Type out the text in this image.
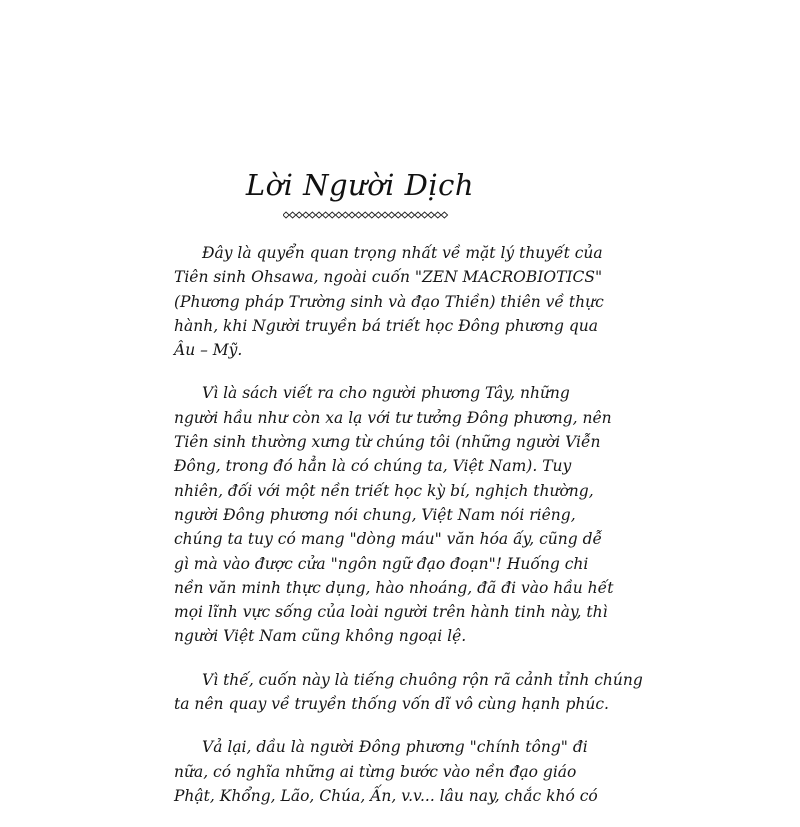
Lời Người Dịch

Đây là quyển quan trọng nhất về mặt lý thuyết của
Tiên sinh Ohsawa, ngoài cuốn "ZEN MACROBIOTICS"
(Phương pháp Trường sinh và đạo Thiền) thiên về thực
hành, khi Người truyền bá triết học Đông phương qua
Âu – Mỹ.

Vì là sách viết ra cho người phương Tây, những
người hầu như còn xa lạ với tư tưởng Đông phương, nên
Tiên sinh thường xưng từ chúng tôi (những người Viễn
Đông, trong đó hẳn là có chúng ta, Việt Nam). Tuy
nhiên, đối với một nền triết học kỳ bí, nghịch thường,
người Đông phương nói chung, Việt Nam nói riêng,
chúng ta tuy có mang "dòng máu" văn hóa ấy, cũng dễ
gì mà vào được cửa "ngôn ngữ đạo đoạn"! Huống chi
nền văn minh thực dụng, hào nhoáng, đã đi vào hầu hết
mọi lĩnh vực sống của loài người trên hành tinh này, thì
người Việt Nam cũng không ngoại lệ.

Vì thế, cuốn này là tiếng chuông rộn rã cảnh tỉnh chúng
ta nên quay về truyền thống vốn dĩ vô cùng hạnh phúc.

Vả lại, dầu là người Đông phương "chính tông" đi
nữa, có nghĩa những ai từng bước vào nền đạo giáo
Phật, Khổng, Lão, Chúa, Ấn, v.v... lâu nay, chắc khó có
